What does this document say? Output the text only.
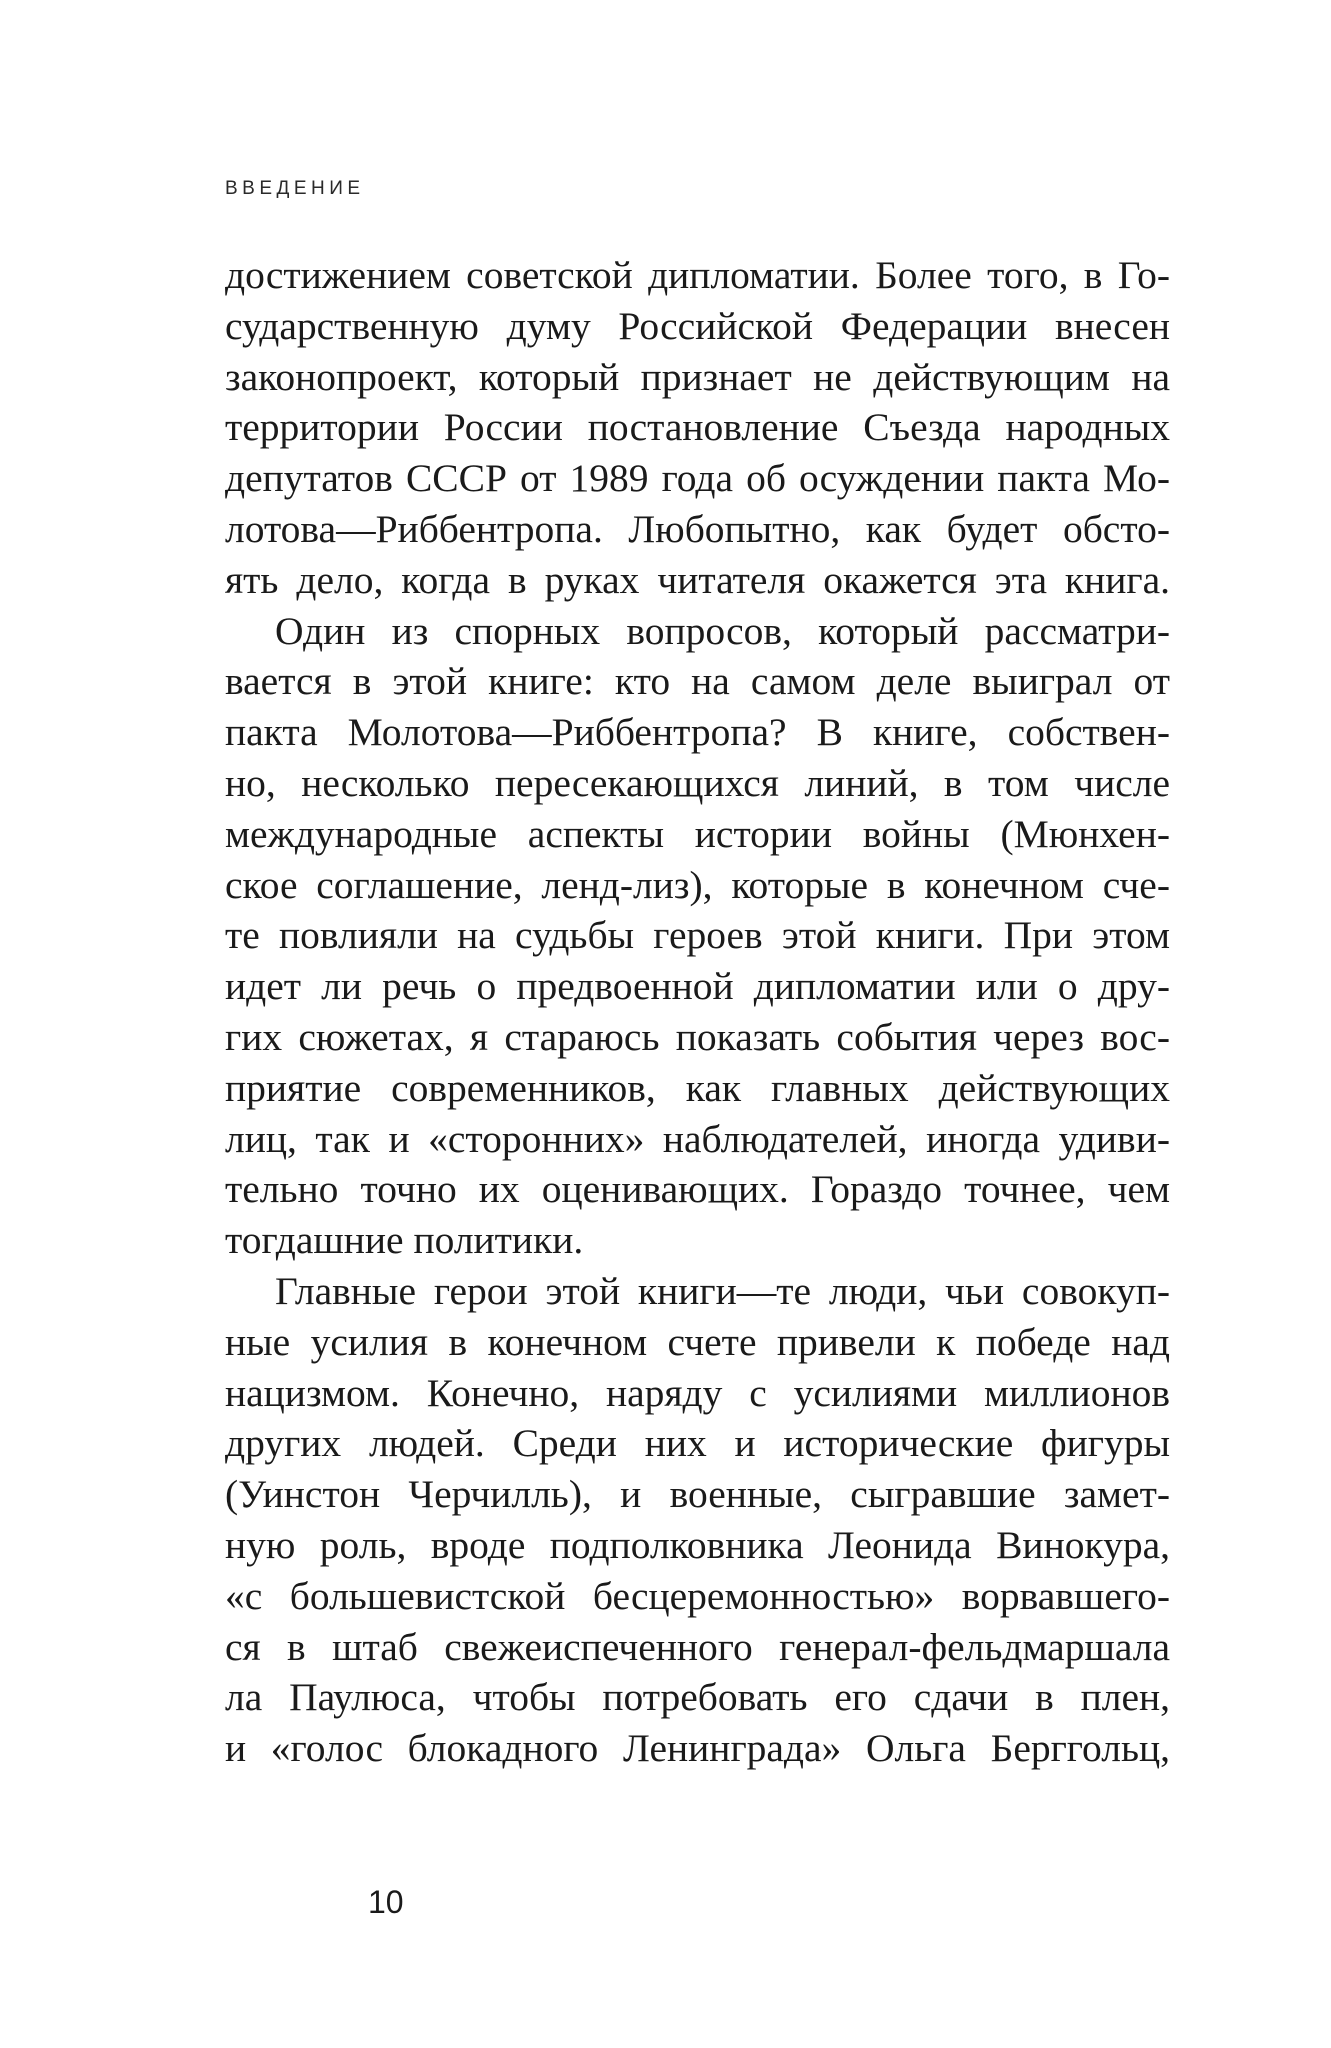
ВВЕДЕНИЕ
достижением советской дипломатии. Более того, в Го-
сударственную думу Российской Федерации внесен
законопроект, который признает не действующим на
территории России постановление Съезда народных
депутатов СССР от 1989 года об осуждении пакта Мо-
лотова—Риббентропа. Любопытно, как будет обсто-
ять дело, когда в руках читателя окажется эта книга.
Один из спорных вопросов, который рассматри-
вается в этой книге: кто на самом деле выиграл от
пакта Молотова—Риббентропа? В книге, собствен-
но, несколько пересекающихся линий, в том числе
международные аспекты истории войны (Мюнхен-
ское соглашение, ленд-лиз), которые в конечном сче-
те повлияли на судьбы героев этой книги. При этом
идет ли речь о предвоенной дипломатии или о дру-
гих сюжетах, я стараюсь показать события через вос-
приятие современников, как главных действующих
лиц, так и «сторонних» наблюдателей, иногда удиви-
тельно точно их оценивающих. Гораздо точнее, чем
тогдашние политики.
Главные герои этой книги—те люди, чьи совокуп-
ные усилия в конечном счете привели к победе над
нацизмом. Конечно, наряду с усилиями миллионов
других людей. Среди них и исторические фигуры
(Уинстон Черчилль), и военные, сыгравшие замет-
ную роль, вроде подполковника Леонида Винокура,
«с большевистской бесцеремонностью» ворвавшего-
ся в штаб свежеиспеченного генерал-фельдмаршала
ла Паулюса, чтобы потребовать его сдачи в плен,
и «голос блокадного Ленинграда» Ольга Берггольц,
10
